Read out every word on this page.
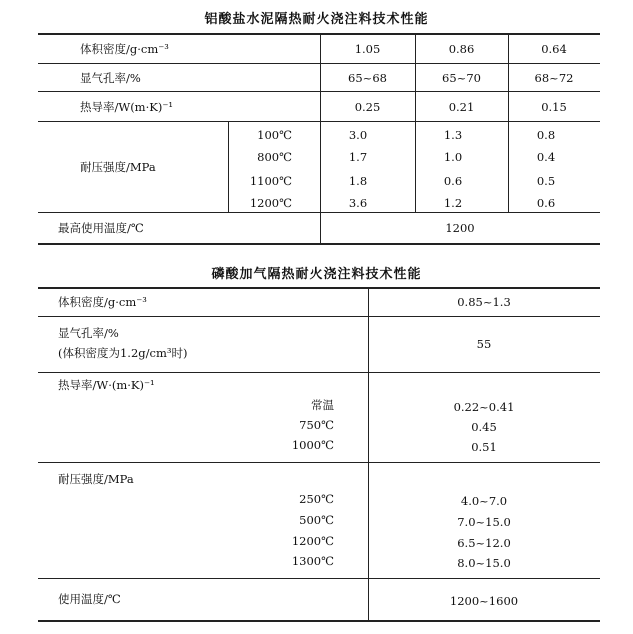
铝酸盐水泥隔热耐火浇注料技术性能
体积密度/g·cm⁻³	1.05	0.86	0.64
显气孔率/%	65~68	65~70	68~72
热导率/W(m·K)⁻¹	0.25	0.21	0.15
耐压强度/MPa
100℃	3.0	1.3	0.8
800℃	1.7	1.0	0.4
1100℃	1.8	0.6	0.5
1200℃	3.6	1.2	0.6
最高使用温度/℃	1200
磷酸加气隔热耐火浇注料技术性能
体积密度/g·cm⁻³	0.85~1.3
显气孔率/%
(体积密度为1.2g/cm³时)
55
热导率/W·(m·K)⁻¹
常温	0.22~0.41
750℃	0.45
1000℃	0.51
耐压强度/MPa
250℃	4.0~7.0
500℃	7.0~15.0
1200℃	6.5~12.0
1300℃	8.0~15.0
使用温度/℃	1200~1600
